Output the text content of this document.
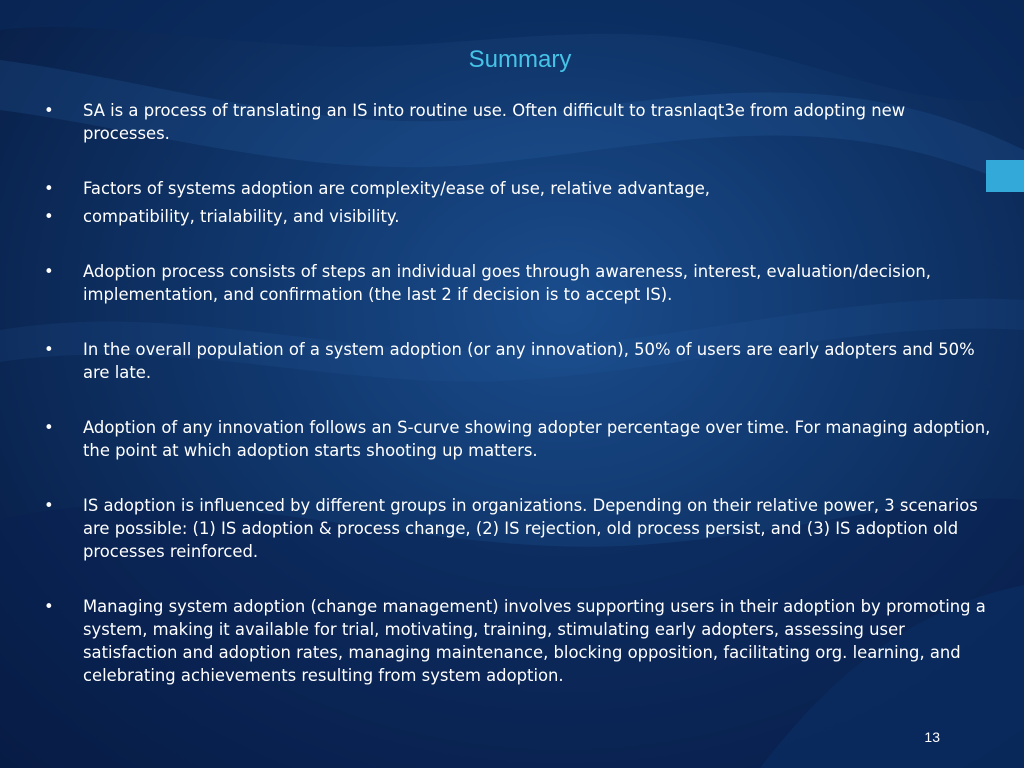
Summary
• SA is a process of translating an IS into routine use. Often difficult to trasnlaqt3e from adopting new processes.
• Factors of systems adoption are complexity/ease of use, relative advantage,
• compatibility, trialability, and visibility.
• Adoption process consists of steps an individual goes through awareness, interest, evaluation/decision, implementation, and confirmation (the last 2 if decision is to accept IS).
• In the overall population of a system adoption (or any innovation), 50% of users are early adopters and 50% are late.
• Adoption of any innovation follows an S-curve showing adopter percentage over time. For managing adoption, the point at which adoption starts shooting up matters.
• IS adoption is influenced by different groups in organizations. Depending on their relative power, 3 scenarios are possible: (1) IS adoption & process change, (2) IS rejection, old process persist, and (3) IS adoption old processes reinforced.
• Managing system adoption (change management) involves supporting users in their adoption by promoting a system, making it available for trial, motivating, training, stimulating early adopters, assessing user satisfaction and adoption rates, managing maintenance, blocking opposition, facilitating org. learning, and celebrating achievements resulting from system adoption.
13
